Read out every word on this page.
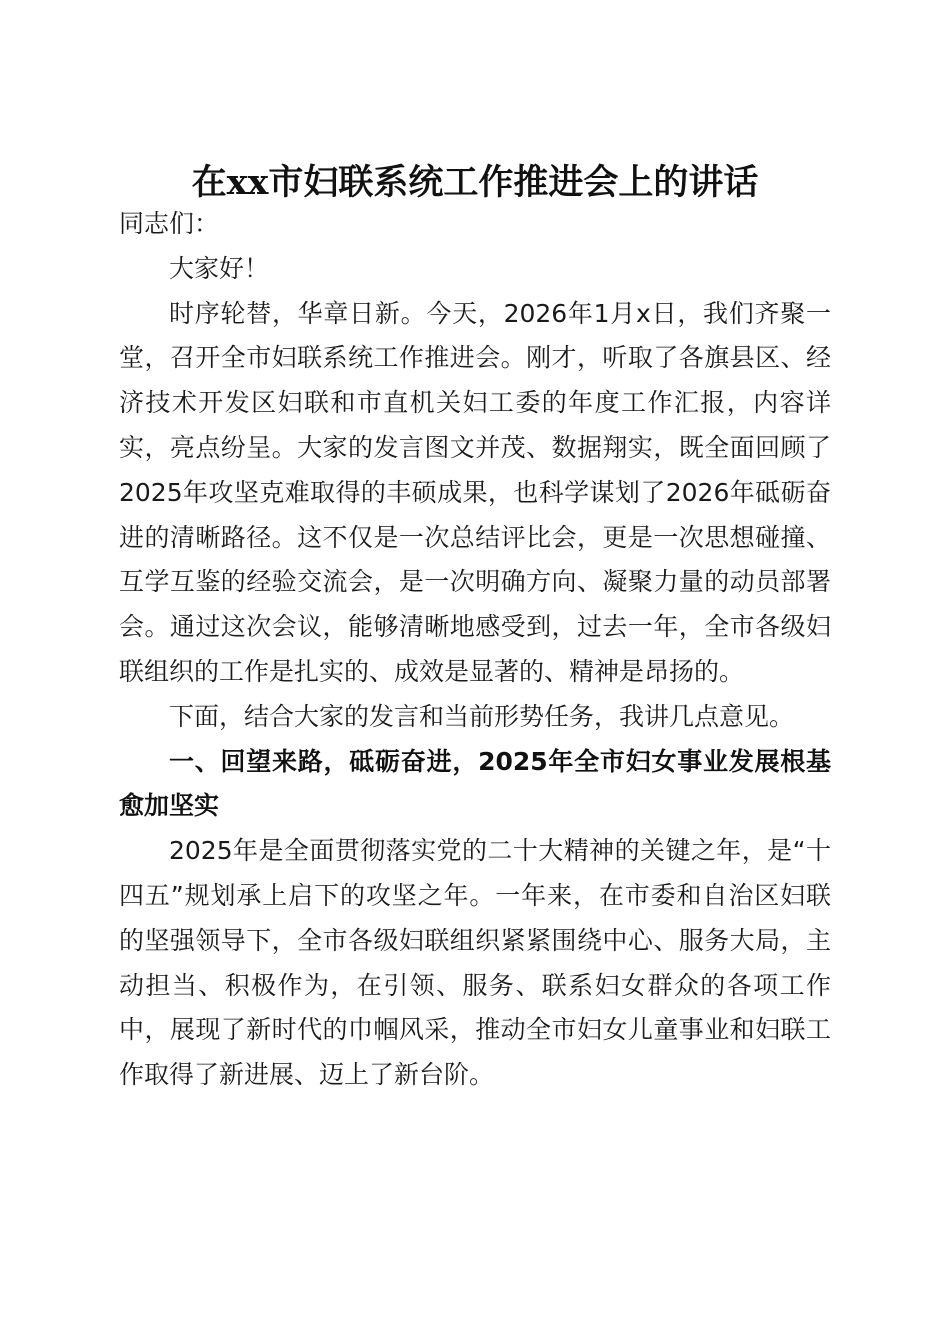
在xx市妇联系统工作推进会上的讲话

同志们：

大家好！

时序轮替，华章日新。今天，2026年1月x日，我们齐聚一堂，召开全市妇联系统工作推进会。刚才，听取了各旗县区、经济技术开发区妇联和市直机关妇工委的年度工作汇报，内容详实，亮点纷呈。大家的发言图文并茂、数据翔实，既全面回顾了2025年攻坚克难取得的丰硕成果，也科学谋划了2026年砥砺奋进的清晰路径。这不仅是一次总结评比会，更是一次思想碰撞、互学互鉴的经验交流会，是一次明确方向、凝聚力量的动员部署会。通过这次会议，能够清晰地感受到，过去一年，全市各级妇联组织的工作是扎实的、成效是显著的、精神是昂扬的。

下面，结合大家的发言和当前形势任务，我讲几点意见。

一、回望来路，砥砺奋进，2025年全市妇女事业发展根基愈加坚实

2025年是全面贯彻落实党的二十大精神的关键之年，是“十四五”规划承上启下的攻坚之年。一年来，在市委和自治区妇联的坚强领导下，全市各级妇联组织紧紧围绕中心、服务大局，主动担当、积极作为，在引领、服务、联系妇女群众的各项工作中，展现了新时代的巾帼风采，推动全市妇女儿童事业和妇联工作取得了新进展、迈上了新台阶。
